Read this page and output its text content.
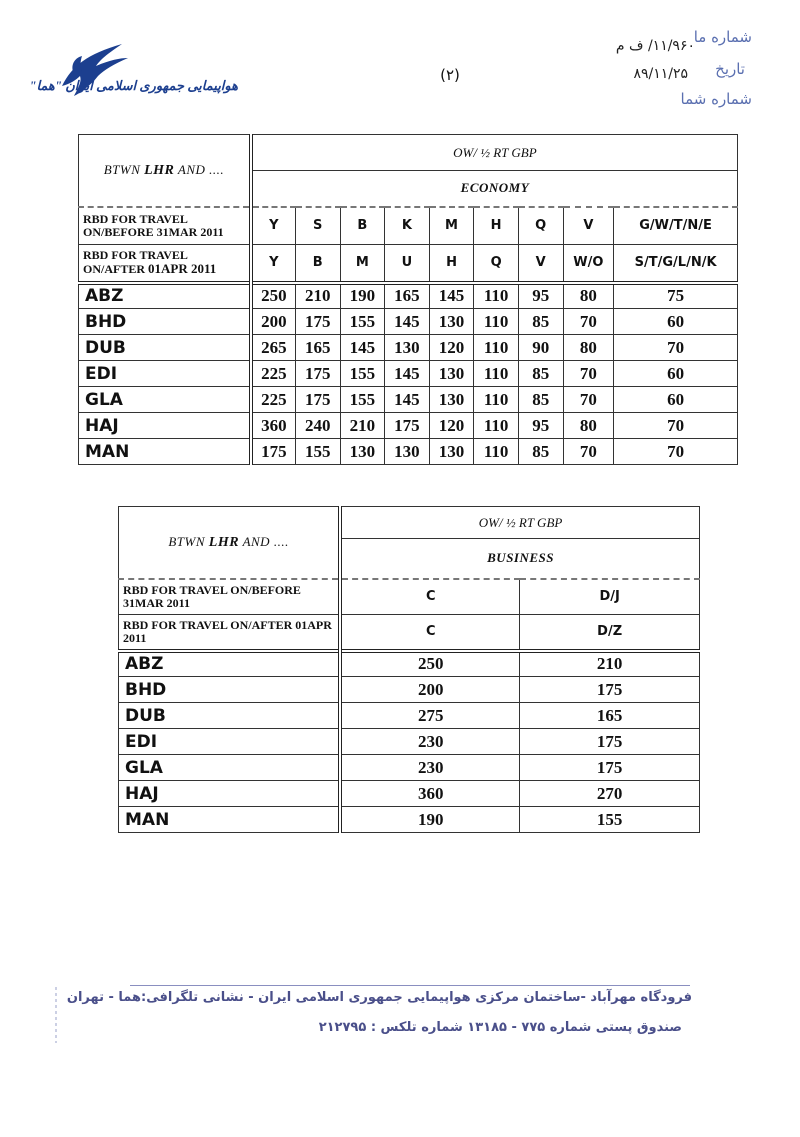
هواپیمایی جمهوری اسلامی ایران "هما"
(۲)
شماره ما
۱۱/۹۶۰/ ف م
تاریخ
۸۹/۱۱/۲۵
شماره شما
BTWN LHR AND ....	OW/ ½ RT GBP								
	ECONOMY								
RBD FOR TRAVEL ON/BEFORE 31MAR 2011	Y	S	B	K	M	H	Q	V	G/W/T/N/E
RBD FOR TRAVEL ON/AFTER 01APR 2011	Y	B	M	U	H	Q	V	W/O	S/T/G/L/N/K
ABZ	250	210	190	165	145	110	95	80	75
BHD	200	175	155	145	130	110	85	70	60
DUB	265	165	145	130	120	110	90	80	70
EDI	225	175	155	145	130	110	85	70	60
GLA	225	175	155	145	130	110	85	70	60
HAJ	360	240	210	175	120	110	95	80	70
MAN	175	155	130	130	130	110	85	70	70
BTWN LHR AND ....	OW/ ½ RT GBP	
	BUSINESS	
RBD FOR TRAVEL ON/BEFORE 31MAR 2011	C	D/J
RBD FOR TRAVEL ON/AFTER 01APR 2011	C	D/Z
ABZ	250	210
BHD	200	175
DUB	275	165
EDI	230	175
GLA	230	175
HAJ	360	270
MAN	190	155
فرودگاه مهرآباد -ساختمان مرکزی هواپیمایی جمهوری اسلامی ایران - نشانی تلگرافی:هما - تهران
صندوق پستی شماره ۷۷۵ - ۱۳۱۸۵ شماره تلکس : ۲۱۲۷۹۵
